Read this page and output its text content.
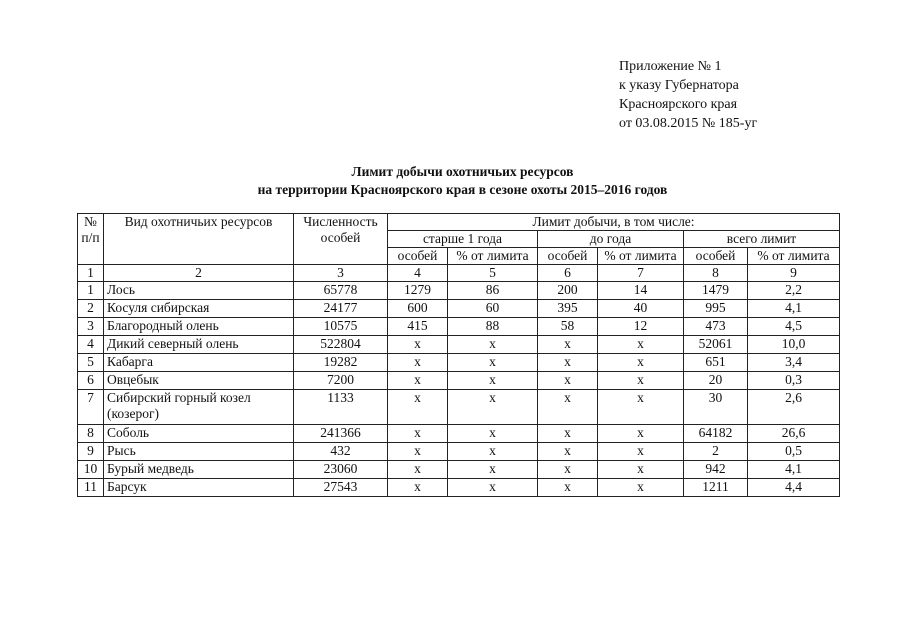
Приложение № 1
к указу Губернатора
Красноярского края
от 03.08.2015 № 185-уг
Лимит добычи охотничьих ресурсов
на территории Красноярского края в сезоне охоты 2015–2016 годов
№ п/п	Вид охотничьих ресурсов	Численность особей	Лимит добычи, в том числе:					
			старше 1 года		до года		всего лимит	
			особей	% от лимита	особей	% от лимита	особей	% от лимита
1	2	3	4	5	6	7	8	9
1	Лось	65778	1279	86	200	14	1479	2,2
2	Косуля сибирская	24177	600	60	395	40	995	4,1
3	Благородный олень	10575	415	88	58	12	473	4,5
4	Дикий северный олень	522804	x	x	x	x	52061	10,0
5	Кабарга	19282	x	x	x	x	651	3,4
6	Овцебык	7200	x	x	x	x	20	0,3
7	Сибирский горный козел (козерог)	1133	x	x	x	x	30	2,6
8	Соболь	241366	x	x	x	x	64182	26,6
9	Рысь	432	x	x	x	x	2	0,5
10	Бурый медведь	23060	x	x	x	x	942	4,1
11	Барсук	27543	x	x	x	x	1211	4,4
